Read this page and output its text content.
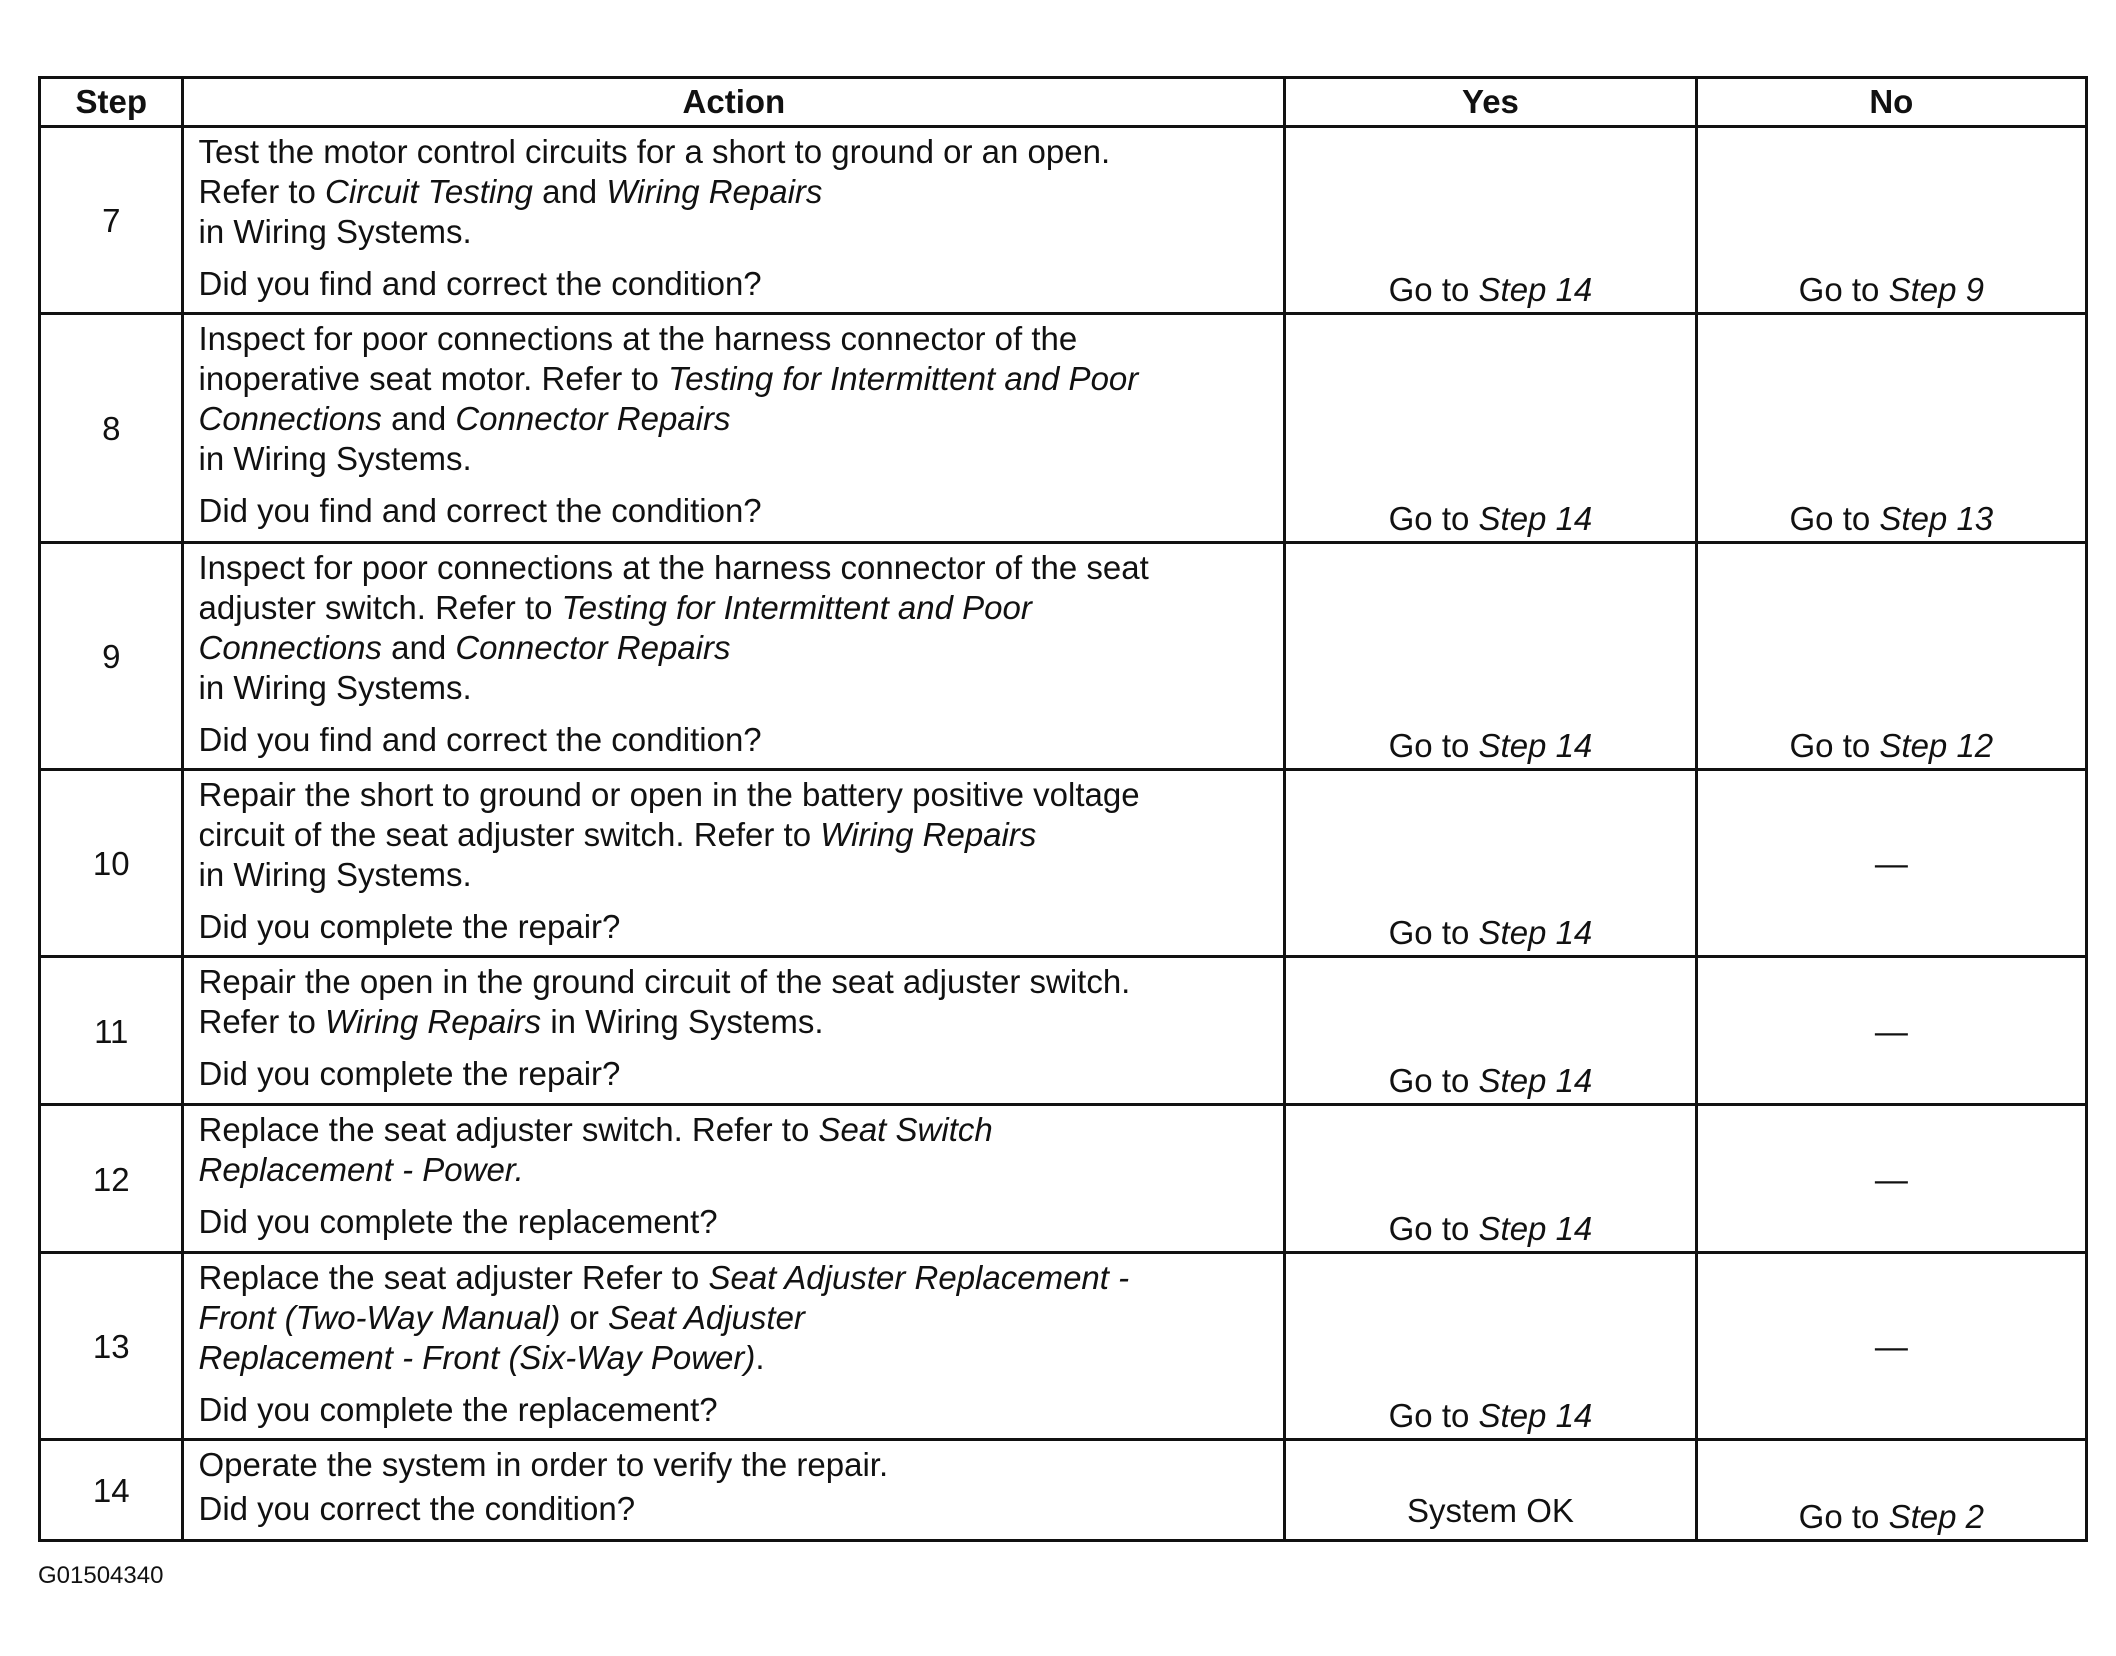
Step	Action	Yes	No
7	Test the motor control circuits for a short to ground or an open.
Refer to Circuit Testing and Wiring Repairs
in Wiring Systems.
Did you find and correct the condition?	Go to Step 14	Go to Step 9
8	Inspect for poor connections at the harness connector of the
inoperative seat motor. Refer to Testing for Intermittent and Poor
Connections and Connector Repairs
in Wiring Systems.
Did you find and correct the condition?	Go to Step 14	Go to Step 13
9	Inspect for poor connections at the harness connector of the seat
adjuster switch. Refer to Testing for Intermittent and Poor
Connections and Connector Repairs
in Wiring Systems.
Did you find and correct the condition?	Go to Step 14	Go to Step 12
10	Repair the short to ground or open in the battery positive voltage
circuit of the seat adjuster switch. Refer to Wiring Repairs
in Wiring Systems.
Did you complete the repair?	Go to Step 14	—
11	Repair the open in the ground circuit of the seat adjuster switch.
Refer to Wiring Repairs in Wiring Systems.
Did you complete the repair?	Go to Step 14	—
12	Replace the seat adjuster switch. Refer to Seat Switch
Replacement - Power.
Did you complete the replacement?	Go to Step 14	—
13	Replace the seat adjuster Refer to Seat Adjuster Replacement -
Front (Two-Way Manual) or Seat Adjuster
Replacement - Front (Six-Way Power).
Did you complete the replacement?	Go to Step 14	—
14	Operate the system in order to verify the repair.
Did you correct the condition?	System OK	Go to Step 2
G01504340
